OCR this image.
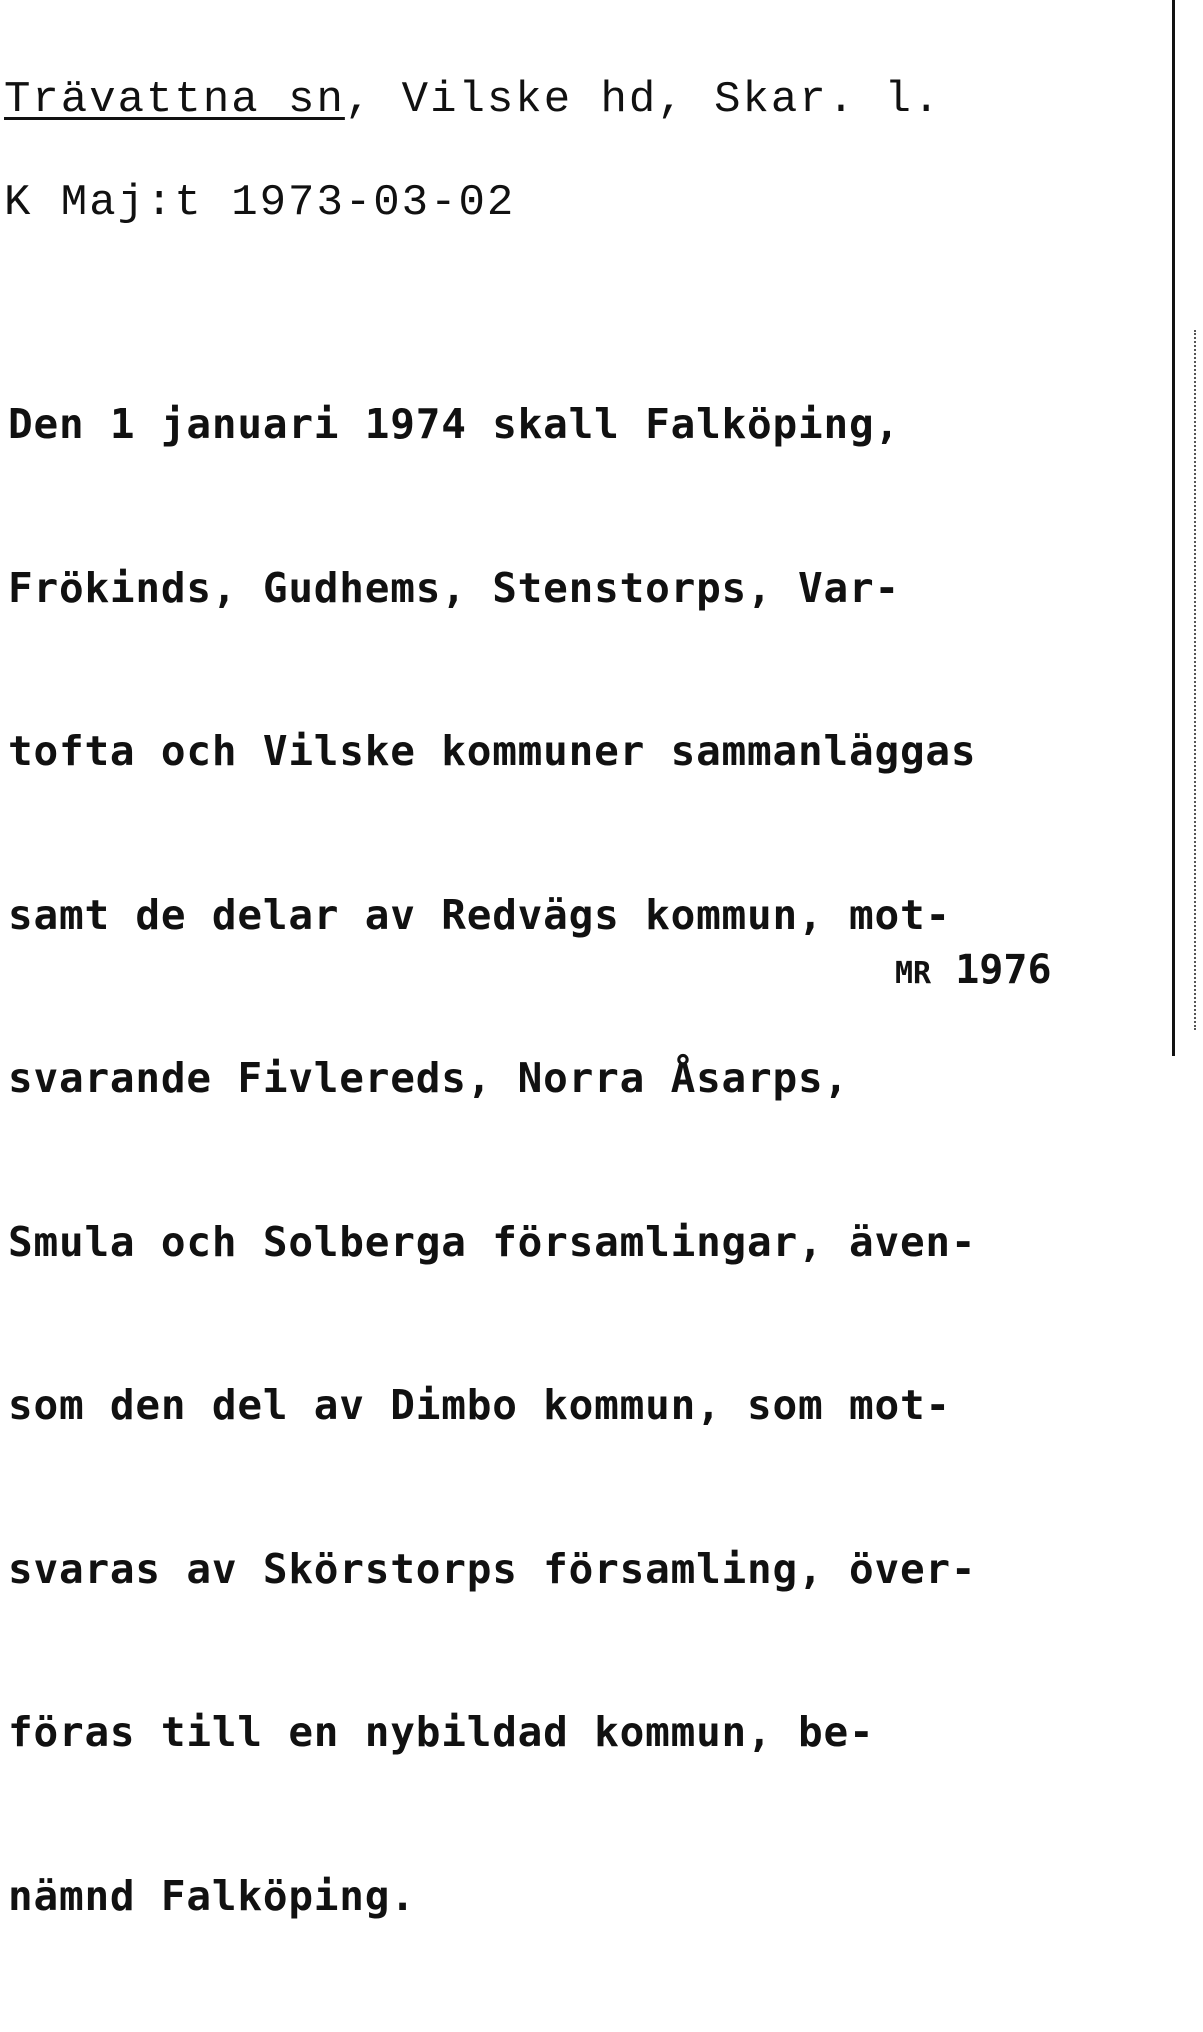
Trävattna sn, Vilske hd, Skar. l.
K Maj:t 1973-03-02

Den 1 januari 1974 skall Falköping,

Frökinds, Gudhems, Stenstorps, Var-

tofta och Vilske kommuner sammanläggas

samt de delar av Redvägs kommun, mot-

svarande Fivlereds, Norra Åsarps,

Smula och Solberga församlingar, även-

som den del av Dimbo kommun, som mot-

svaras av Skörstorps församling, över-

föras till en nybildad kommun, be-

nämnd Falköping.

MR 1976
